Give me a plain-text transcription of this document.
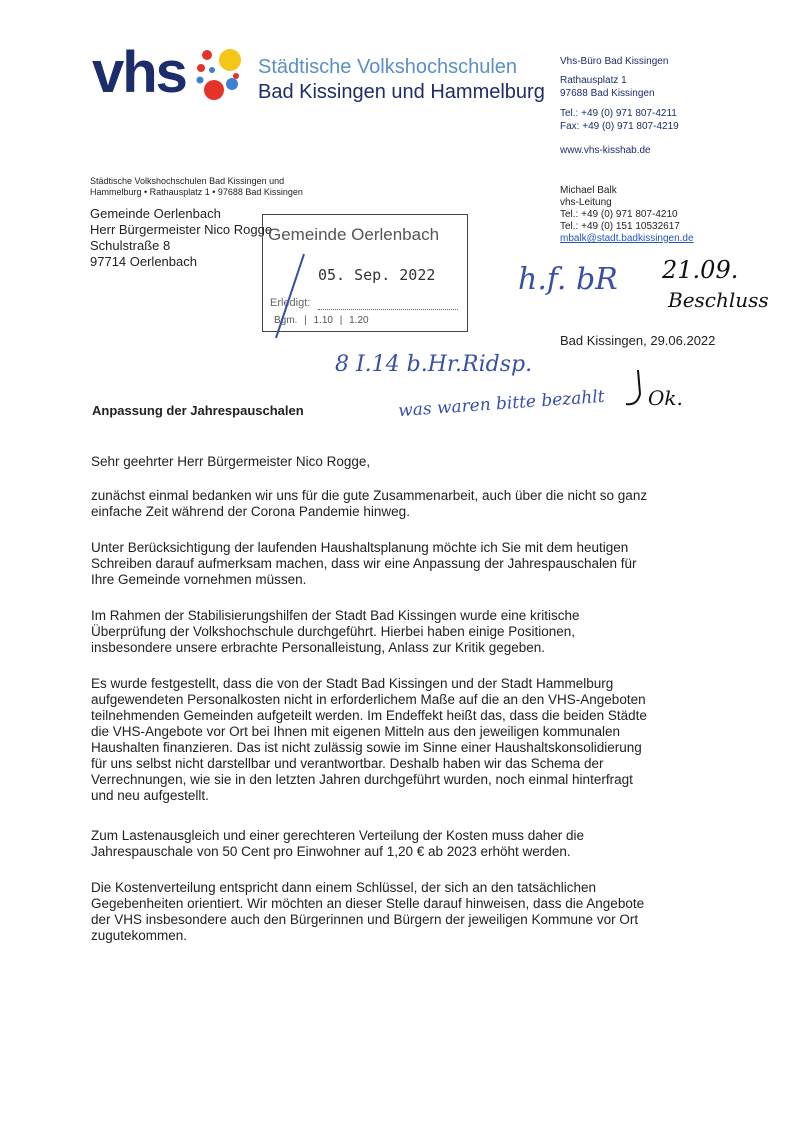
vhs	Städtische Volkshochschulen
Bad Kissingen und Hammelburg
Vhs-Büro Bad Kissingen
Rathausplatz 1
97688 Bad Kissingen
Tel.: +49 (0) 971 807-4211
Fax: +49 (0) 971 807-4219
www.vhs-kisshab.de
Michael Balk
vhs-Leitung
Tel.: +49 (0) 971 807-4210
Tel.: +49 (0) 151 10532617
mbalk@stadt.badkissingen.de
Städtische Volkshochschulen Bad Kissingen und
Hammelburg • Rathausplatz 1 • 97688 Bad Kissingen
Gemeinde Oerlenbach
Herr Bürgermeister Nico Rogge
Schulstraße 8
97714 Oerlenbach
Gemeinde Oerlenbach
05. Sep. 2022
Erledigt:
Bgm. | 1.10 | 1.20
h.f. bR 21.09.
Beschluss
8 I.14 b.Hr.Ridsp.
was waren bitte bezahlt Ok.
Bad Kissingen, 29.06.2022
Anpassung der Jahrespauschalen
Sehr geehrter Herr Bürgermeister Nico Rogge,
zunächst einmal bedanken wir uns für die gute Zusammenarbeit, auch über die nicht so ganz
einfache Zeit während der Corona Pandemie hinweg.
Unter Berücksichtigung der laufenden Haushaltsplanung möchte ich Sie mit dem heutigen
Schreiben darauf aufmerksam machen, dass wir eine Anpassung der Jahrespauschalen für
Ihre Gemeinde vornehmen müssen.
Im Rahmen der Stabilisierungshilfen der Stadt Bad Kissingen wurde eine kritische
Überprüfung der Volkshochschule durchgeführt. Hierbei haben einige Positionen,
insbesondere unsere erbrachte Personalleistung, Anlass zur Kritik gegeben.
Es wurde festgestellt, dass die von der Stadt Bad Kissingen und der Stadt Hammelburg
aufgewendeten Personalkosten nicht in erforderlichem Maße auf die an den VHS-Angeboten
teilnehmenden Gemeinden aufgeteilt werden. Im Endeffekt heißt das, dass die beiden Städte
die VHS-Angebote vor Ort bei Ihnen mit eigenen Mitteln aus den jeweiligen kommunalen
Haushalten finanzieren. Das ist nicht zulässig sowie im Sinne einer Haushaltskonsolidierung
für uns selbst nicht darstellbar und verantwortbar. Deshalb haben wir das Schema der
Verrechnungen, wie sie in den letzten Jahren durchgeführt wurden, noch einmal hinterfragt
und neu aufgestellt.
Zum Lastenausgleich und einer gerechteren Verteilung der Kosten muss daher die
Jahrespauschale von 50 Cent pro Einwohner auf 1,20 € ab 2023 erhöht werden.
Die Kostenverteilung entspricht dann einem Schlüssel, der sich an den tatsächlichen
Gegebenheiten orientiert. Wir möchten an dieser Stelle darauf hinweisen, dass die Angebote
der VHS insbesondere auch den Bürgerinnen und Bürgern der jeweiligen Kommune vor Ort
zugutekommen.
